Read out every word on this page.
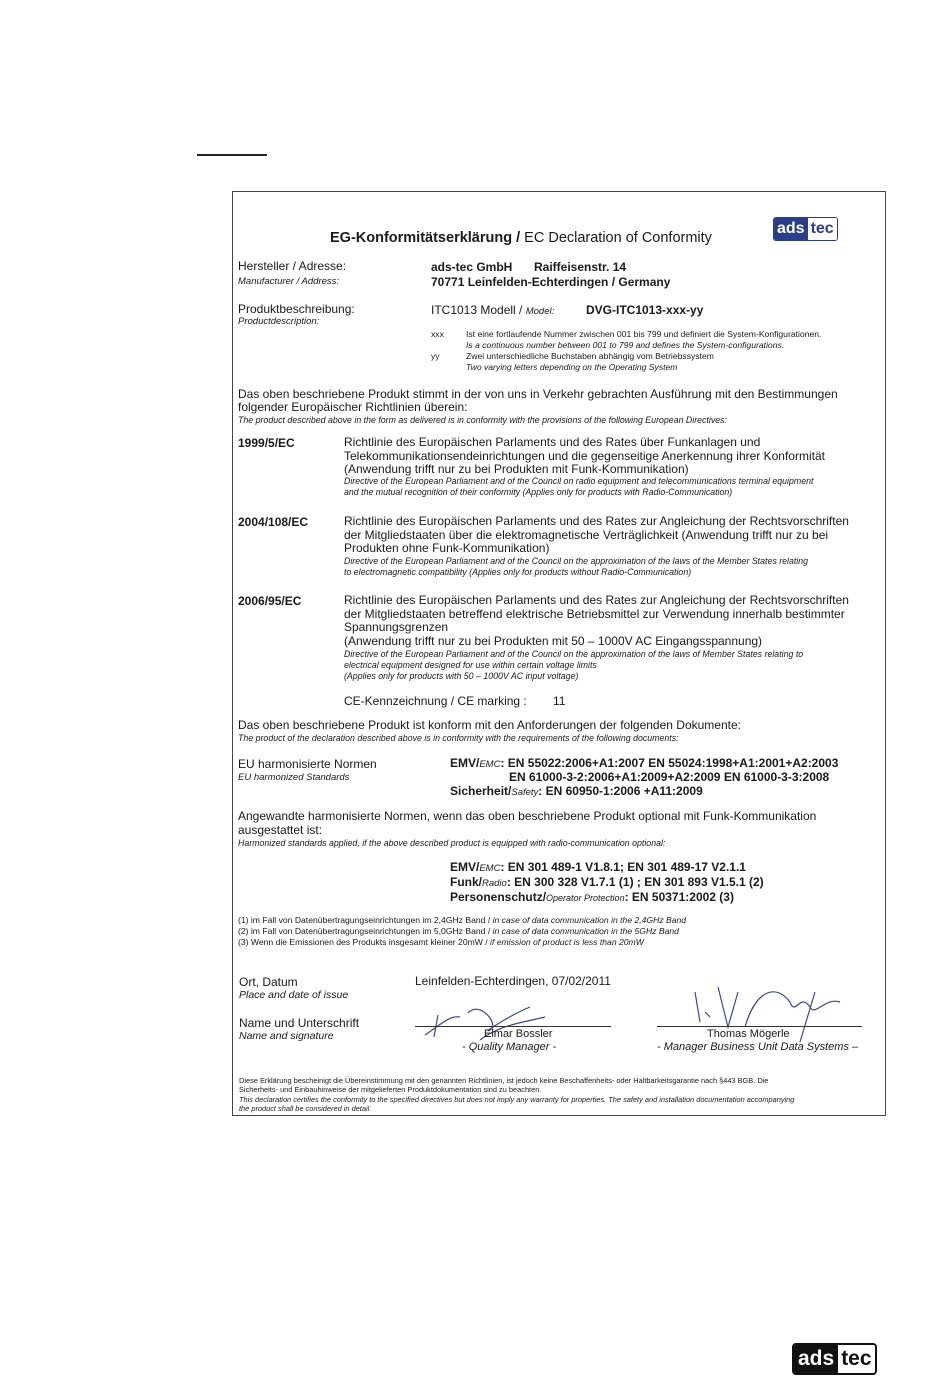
EG-Konformitätserklärung / EC Declaration of Conformity
ads tec
Hersteller / Adresse:
Manufacturer / Address:
ads-tec GmbH Raiffeisenstr. 14
70771 Leinfelden-Echterdingen / Germany
Produktbeschreibung:
Productdescription:
ITC1013 Modell / Model:	DVG-ITC1013-xxx-yy
xxx	Ist eine fortlaufende Nummer zwischen 001 bis 799 und definiert die System-Konfigurationen.
Is a continuous number between 001 to 799 and defines the System-configurations.
yy	Zwei unterschiedliche Buchstaben abhängig vom Betriebssystem
Two varying letters depending on the Operating System
Das oben beschriebene Produkt stimmt in der von uns in Verkehr gebrachten Ausführung mit den Bestimmungen
folgender Europäischer Richtlinien überein:
The product described above in the form as delivered is in conformity with the provisions of the following European Directives:
1999/5/EC	Richtlinie des Europäischen Parlaments und des Rates über Funkanlagen und
Telekommunikationsendeinrichtungen und die gegenseitige Anerkennung ihrer Konformität
(Anwendung trifft nur zu bei Produkten mit Funk-Kommunikation)
Directive of the European Parliament and of the Council on radio equipment and telecommunications terminal equipment
and the mutual recognition of their conformity (Applies only for products with Radio-Communication)
2004/108/EC	Richtlinie des Europäischen Parlaments und des Rates zur Angleichung der Rechtsvorschriften
der Mitgliedstaaten über die elektromagnetische Verträglichkeit (Anwendung trifft nur zu bei
Produkten ohne Funk-Kommunikation)
Directive of the European Parliament and of the Council on the approximation of the laws of the Member States relating
to electromagnetic compatibility (Applies only for products without Radio-Communication)
2006/95/EC	Richtlinie des Europäischen Parlaments und des Rates zur Angleichung der Rechtsvorschriften
der Mitgliedstaaten betreffend elektrische Betriebsmittel zur Verwendung innerhalb bestimmter
Spannungsgrenzen
(Anwendung trifft nur zu bei Produkten mit 50 – 1000V AC Eingangsspannung)
Directive of the European Parliament and of the Council on the approximation of the laws of Member States relating to
electrical equipment designed for use within certain voltage limits
(Applies only for products with 50 – 1000V AC input voltage)
CE-Kennzeichnung / CE marking : 11
Das oben beschriebene Produkt ist konform mit den Anforderungen der folgenden Dokumente:
The product of the declaration described above is in conformity with the requirements of the following documents:
EU harmonisierte Normen
EU harmonized Standards
EMV/EMC: EN 55022:2006+A1:2007 EN 55024:1998+A1:2001+A2:2003
EN 61000-3-2:2006+A1:2009+A2:2009 EN 61000-3-3:2008
Sicherheit/Safety: EN 60950-1:2006 +A11:2009
Angewandte harmonisierte Normen, wenn das oben beschriebene Produkt optional mit Funk-Kommunikation
ausgestattet ist:
Harmonized standards applied, if the above described product is equipped with radio-communication optional:
EMV/EMC: EN 301 489-1 V1.8.1; EN 301 489-17 V2.1.1
Funk/Radio: EN 300 328 V1.7.1 (1) ; EN 301 893 V1.5.1 (2)
Personenschutz/Operator Protection: EN 50371:2002 (3)
(1) im Fall von Datenübertragungseinrichtungen im 2,4GHz Band / in case of data communication in the 2,4GHz Band
(2) im Fall von Datenübertragungseinrichtungen im 5,0GHz Band / in case of data communication in the 5GHz Band
(3) Wenn die Emissionen des Produkts insgesamt kleiner 20mW / if emission of product is less than 20mW
Ort, Datum
Place and date of issue
Leinfelden-Echterdingen, 07/02/2011
Name und Unterschrift
Name and signature	Elmar Bossler
- Quality Manager -
Thomas Mögerle
- Manager Business Unit Data Systems –
Diese Erklärung bescheinigt die Übereinstimmung mit den genannten Richtlinien, ist jedoch keine Beschaffenheits- oder Haltbarkeitsgarantie nach §443 BGB. Die
Sicherheits- und Einbauhinweise der mitgelieferten Produktdokumentation sind zu beachten.
This declaration certifies the conformity to the specified directives but does not imply any warranty for properties. The safety and installation documentation accompanying
the product shall be considered in detail.
ads tec
